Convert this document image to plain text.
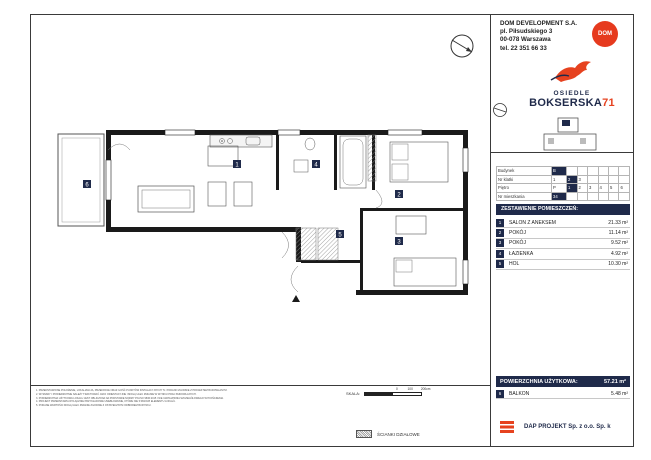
1
2
3
4
5
6
DOM DEVELOPMENT S.A.
pl. Piłsudskiego 3
00-078 Warszawa
tel. 22 351 66 33
DOM
OSIEDLE
BOKSERSKA71
Budynek	B						
Nr klatki	1	2	3				
Piętro	P	1	2	3	4	5	6
Nr mieszkania	34						
ZESTAWIENIE POMIESZCZEŃ:
1	SALON Z ANEKSEM	21.33 m²
2	POKÓJ	11.14 m²
3	POKÓJ	9.52 m²
4	ŁAZIENKA	4.92 m²
5	HOL	10.30 m²
POWIERZCHNIA UŻYTKOWA:	57.21 m²
6	BALKON	5.48 m²
1. PRZEDSTAWIONE POŁOŻENIE, LOKALIZACJA, PRZEKROJE ORAZ ILOŚĆ PUNKTÓW INSTALACYJNYCH TJ. PODANO ZGODNIE Z PROJEKTEM BUDOWLANYM.
2. WYMIARY I POWIERZCHNIE NALEŻY TRAKTOWAĆ JAKO ORIENTACYJNE I MOGĄ ULEC ZMIANIE W WYNIKU PRAC BUDOWLANYCH.
3. POWIERZCHNIA UŻYTKOWA LOKALU JEST OBLICZONA NA PODSTAWIE NORMY PN-ISO 9836:2015 I NIE UWZGLĘDNIA SZCZEGÓŁOWEGO WYKOŃCZENIA.
4. PROJEKT PRZEDSTAWIA WYŁĄCZNIE PRZYKŁADOWE UMEBLOWANIE, KTÓRE NIE STANOWI ELEMENTU LOKALU.
5. PODANE WARTOŚCI MOGĄ ULEC ZMIANIE ZGODNIE Z OSTATECZNYM ODBIOREM BUDYNKU.
SKALA:
0	100 200cm
ŚCIANKI DZIAŁOWE
DAP PROJEKT Sp. z o.o. Sp. k
